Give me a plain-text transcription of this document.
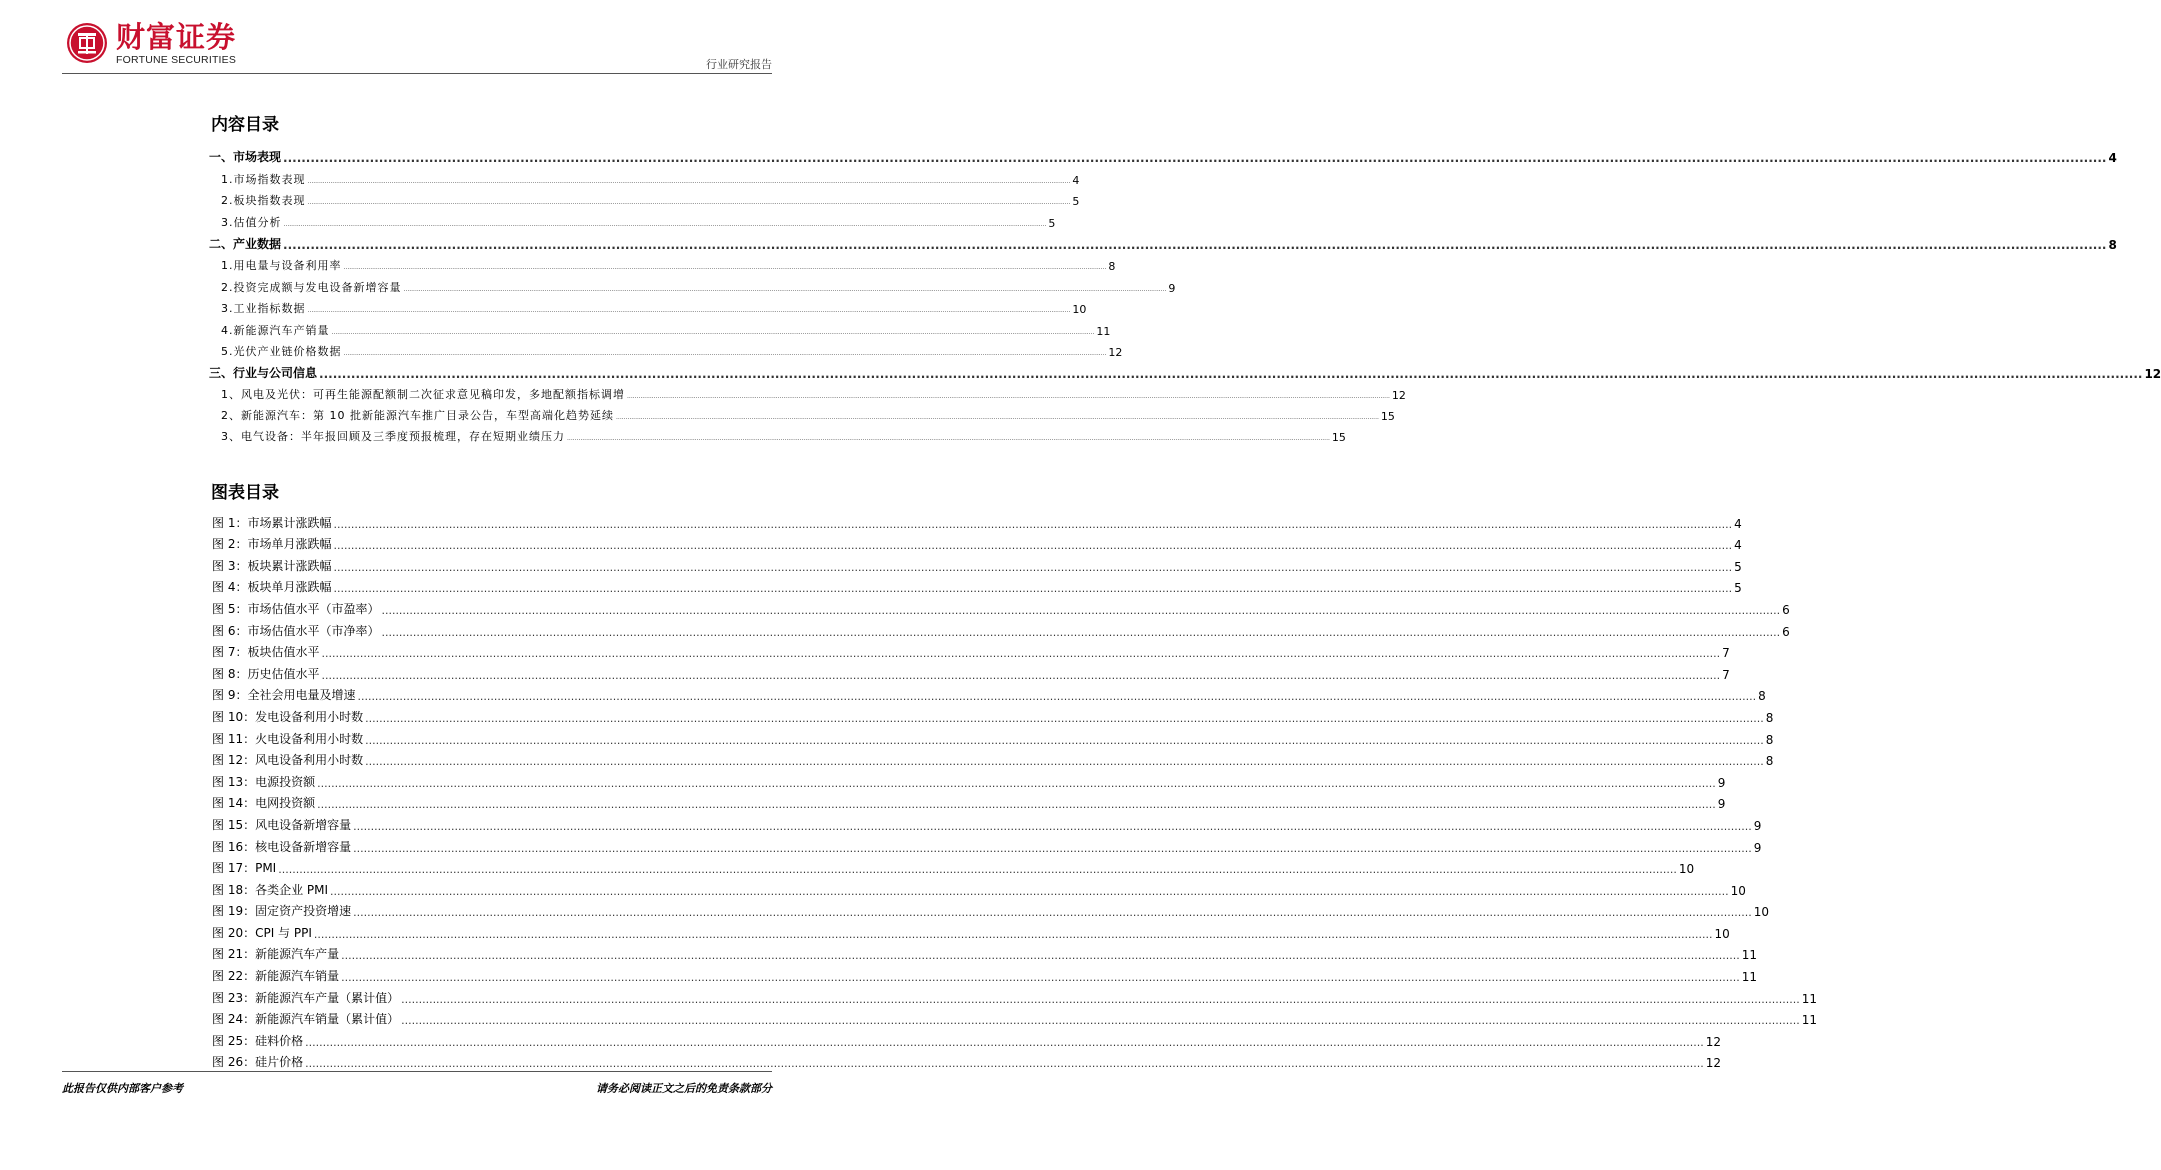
财富证券
FORTUNE SECURITIES	行业研究报告
内容目录
一、市场表现 ................................................................................................................................................................................................................................................................................................................................................................................................................ 4
1.市场指数表现 ................................................................................................................................................................................................................................................................................................................................................................................................................ 4
2.板块指数表现 ................................................................................................................................................................................................................................................................................................................................................................................................................ 5
3.估值分析 ................................................................................................................................................................................................................................................................................................................................................................................................................ 5
二、产业数据 ................................................................................................................................................................................................................................................................................................................................................................................................................ 8
1.用电量与设备利用率 ................................................................................................................................................................................................................................................................................................................................................................................................................ 8
2.投资完成额与发电设备新增容量 ................................................................................................................................................................................................................................................................................................................................................................................................................ 9
3.工业指标数据 ................................................................................................................................................................................................................................................................................................................................................................................................................ 10
4.新能源汽车产销量 ................................................................................................................................................................................................................................................................................................................................................................................................................ 11
5.光伏产业链价格数据 ................................................................................................................................................................................................................................................................................................................................................................................................................ 12
三、行业与公司信息 ................................................................................................................................................................................................................................................................................................................................................................................................................ 12
1、风电及光伏：可再生能源配额制二次征求意见稿印发，多地配额指标调增 ................................................................................................................................................................................................................................................................................................................................................................................................................ 12
2、新能源汽车：第 10 批新能源汽车推广目录公告，车型高端化趋势延续 ................................................................................................................................................................................................................................................................................................................................................................................................................ 15
3、电气设备：半年报回顾及三季度预报梳理，存在短期业绩压力 ................................................................................................................................................................................................................................................................................................................................................................................................................ 15
图表目录
图 1：市场累计涨跌幅 ................................................................................................................................................................................................................................................................................................................................................................................................................ 4
图 2：市场单月涨跌幅 ................................................................................................................................................................................................................................................................................................................................................................................................................ 4
图 3：板块累计涨跌幅 ................................................................................................................................................................................................................................................................................................................................................................................................................ 5
图 4：板块单月涨跌幅 ................................................................................................................................................................................................................................................................................................................................................................................................................ 5
图 5：市场估值水平（市盈率） ................................................................................................................................................................................................................................................................................................................................................................................................................ 6
图 6：市场估值水平（市净率） ................................................................................................................................................................................................................................................................................................................................................................................................................ 6
图 7：板块估值水平 ................................................................................................................................................................................................................................................................................................................................................................................................................ 7
图 8：历史估值水平 ................................................................................................................................................................................................................................................................................................................................................................................................................ 7
图 9：全社会用电量及增速 ................................................................................................................................................................................................................................................................................................................................................................................................................ 8
图 10：发电设备利用小时数 ................................................................................................................................................................................................................................................................................................................................................................................................................ 8
图 11：火电设备利用小时数 ................................................................................................................................................................................................................................................................................................................................................................................................................ 8
图 12：风电设备利用小时数 ................................................................................................................................................................................................................................................................................................................................................................................................................ 8
图 13：电源投资额 ................................................................................................................................................................................................................................................................................................................................................................................................................ 9
图 14：电网投资额 ................................................................................................................................................................................................................................................................................................................................................................................................................ 9
图 15：风电设备新增容量 ................................................................................................................................................................................................................................................................................................................................................................................................................ 9
图 16：核电设备新增容量 ................................................................................................................................................................................................................................................................................................................................................................................................................ 9
图 17：PMI ................................................................................................................................................................................................................................................................................................................................................................................................................ 10
图 18：各类企业 PMI ................................................................................................................................................................................................................................................................................................................................................................................................................ 10
图 19：固定资产投资增速 ................................................................................................................................................................................................................................................................................................................................................................................................................ 10
图 20：CPI 与 PPI ................................................................................................................................................................................................................................................................................................................................................................................................................ 10
图 21：新能源汽车产量 ................................................................................................................................................................................................................................................................................................................................................................................................................ 11
图 22：新能源汽车销量 ................................................................................................................................................................................................................................................................................................................................................................................................................ 11
图 23：新能源汽车产量（累计值） ................................................................................................................................................................................................................................................................................................................................................................................................................ 11
图 24：新能源汽车销量（累计值） ................................................................................................................................................................................................................................................................................................................................................................................................................ 11
图 25：硅料价格 ................................................................................................................................................................................................................................................................................................................................................................................................................ 12
图 26：硅片价格 ................................................................................................................................................................................................................................................................................................................................................................................................................ 12
此报告仅供内部客户参考	请务必阅读正文之后的免责条款部分
